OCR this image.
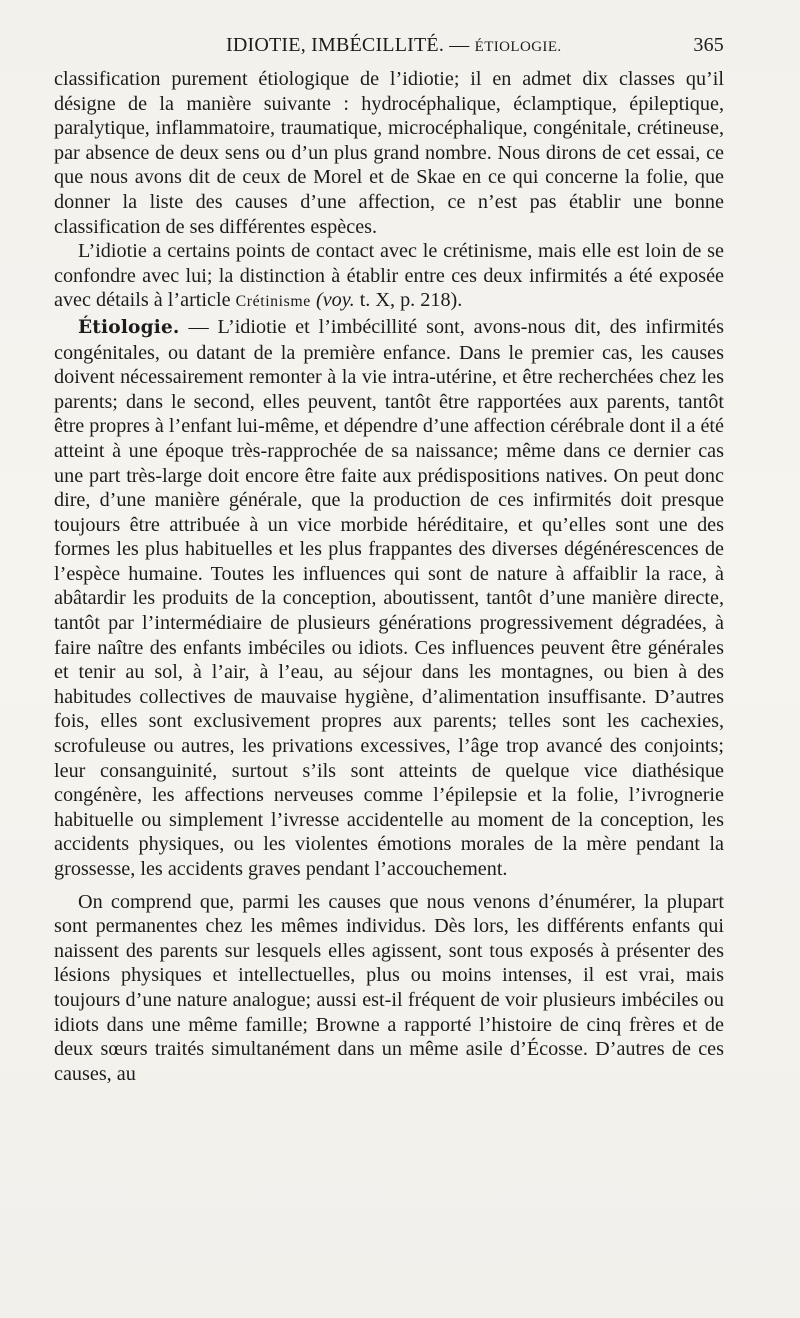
IDIOTIE, IMBÉCILLITÉ. — ÉTIOLOGIE.	365

classification purement étiologique de l’idiotie; il en admet dix classes qu’il désigne de la manière suivante : hydrocéphalique, éclamptique, épileptique, paralytique, inflammatoire, traumatique, microcéphalique, congénitale, crétineuse, par absence de deux sens ou d’un plus grand nombre. Nous dirons de cet essai, ce que nous avons dit de ceux de Morel et de Skae en ce qui concerne la folie, que donner la liste des causes d’une affection, ce n’est pas établir une bonne classification de ses différentes espèces.

L’idiotie a certains points de contact avec le crétinisme, mais elle est loin de se confondre avec lui; la distinction à établir entre ces deux infirmités a été exposée avec détails à l’article Crétinisme (voy. t. X, p. 218).

Étiologie. — L’idiotie et l’imbécillité sont, avons-nous dit, des infirmités congénitales, ou datant de la première enfance. Dans le premier cas, les causes doivent nécessairement remonter à la vie intra-utérine, et être recherchées chez les parents; dans le second, elles peuvent, tantôt être rapportées aux parents, tantôt être propres à l’enfant lui-même, et dépendre d’une affection cérébrale dont il a été atteint à une époque très-rapprochée de sa naissance; même dans ce dernier cas une part très-large doit encore être faite aux prédispositions natives. On peut donc dire, d’une manière générale, que la production de ces infirmités doit presque toujours être attribuée à un vice morbide héréditaire, et qu’elles sont une des formes les plus habituelles et les plus frappantes des diverses dégénérescences de l’espèce humaine. Toutes les influences qui sont de nature à affaiblir la race, à abâtardir les produits de la conception, aboutissent, tantôt d’une manière directe, tantôt par l’intermédiaire de plusieurs générations progressivement dégradées, à faire naître des enfants imbéciles ou idiots. Ces influences peuvent être générales et tenir au sol, à l’air, à l’eau, au séjour dans les montagnes, ou bien à des habitudes collectives de mauvaise hygiène, d’alimentation insuffisante. D’autres fois, elles sont exclusivement propres aux parents; telles sont les cachexies, scrofuleuse ou autres, les privations excessives, l’âge trop avancé des conjoints; leur consanguinité, surtout s’ils sont atteints de quelque vice diathésique congénère, les affections nerveuses comme l’épilepsie et la folie, l’ivrognerie habituelle ou simplement l’ivresse accidentelle au moment de la conception, les accidents physiques, ou les violentes émotions morales de la mère pendant la grossesse, les accidents graves pendant l’accouchement.

On comprend que, parmi les causes que nous venons d’énumérer, la plupart sont permanentes chez les mêmes individus. Dès lors, les différents enfants qui naissent des parents sur lesquels elles agissent, sont tous exposés à présenter des lésions physiques et intellectuelles, plus ou moins intenses, il est vrai, mais toujours d’une nature analogue; aussi est-il fréquent de voir plusieurs imbéciles ou idiots dans une même famille; Browne a rapporté l’histoire de cinq frères et de deux sœurs traités simultanément dans un même asile d’Écosse. D’autres de ces causes, au
